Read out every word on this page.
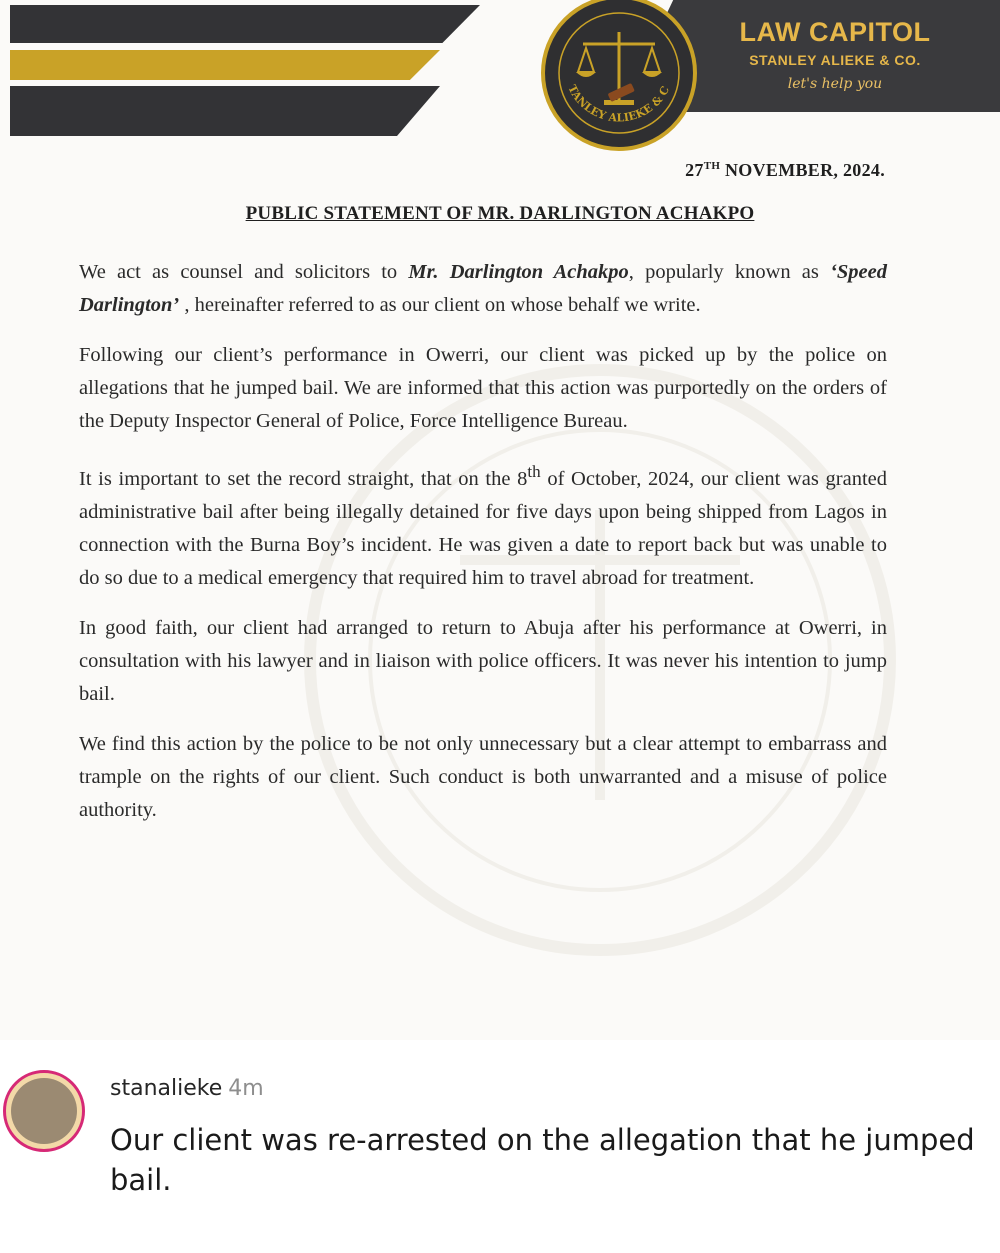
TANLEY ALIEKE & C
LAW CAPITOL
STANLEY ALIEKE & CO.
let's help you
27TH NOVEMBER, 2024.
PUBLIC STATEMENT OF MR. DARLINGTON ACHAKPO

We act as counsel and solicitors to Mr. Darlington Achakpo, popularly known as ‘Speed Darlington’ , hereinafter referred to as our client on whose behalf we write.

Following our client’s performance in Owerri, our client was picked up by the police on allegations that he jumped bail. We are informed that this action was purportedly on the orders of the Deputy Inspector General of Police, Force Intelligence Bureau.

It is important to set the record straight, that on the 8th of October, 2024, our client was granted administrative bail after being illegally detained for five days upon being shipped from Lagos in connection with the Burna Boy’s incident. He was given a date to report back but was unable to do so due to a medical emergency that required him to travel abroad for treatment.

In good faith, our client had arranged to return to Abuja after his performance at Owerri, in consultation with his lawyer and in liaison with police officers. It was never his intention to jump bail.

We find this action by the police to be not only unnecessary but a clear attempt to embarrass and trample on the rights of our client. Such conduct is both unwarranted and a misuse of police authority.

stanalieke 4m
Our client was re-arrested on the allegation that he jumped bail.
